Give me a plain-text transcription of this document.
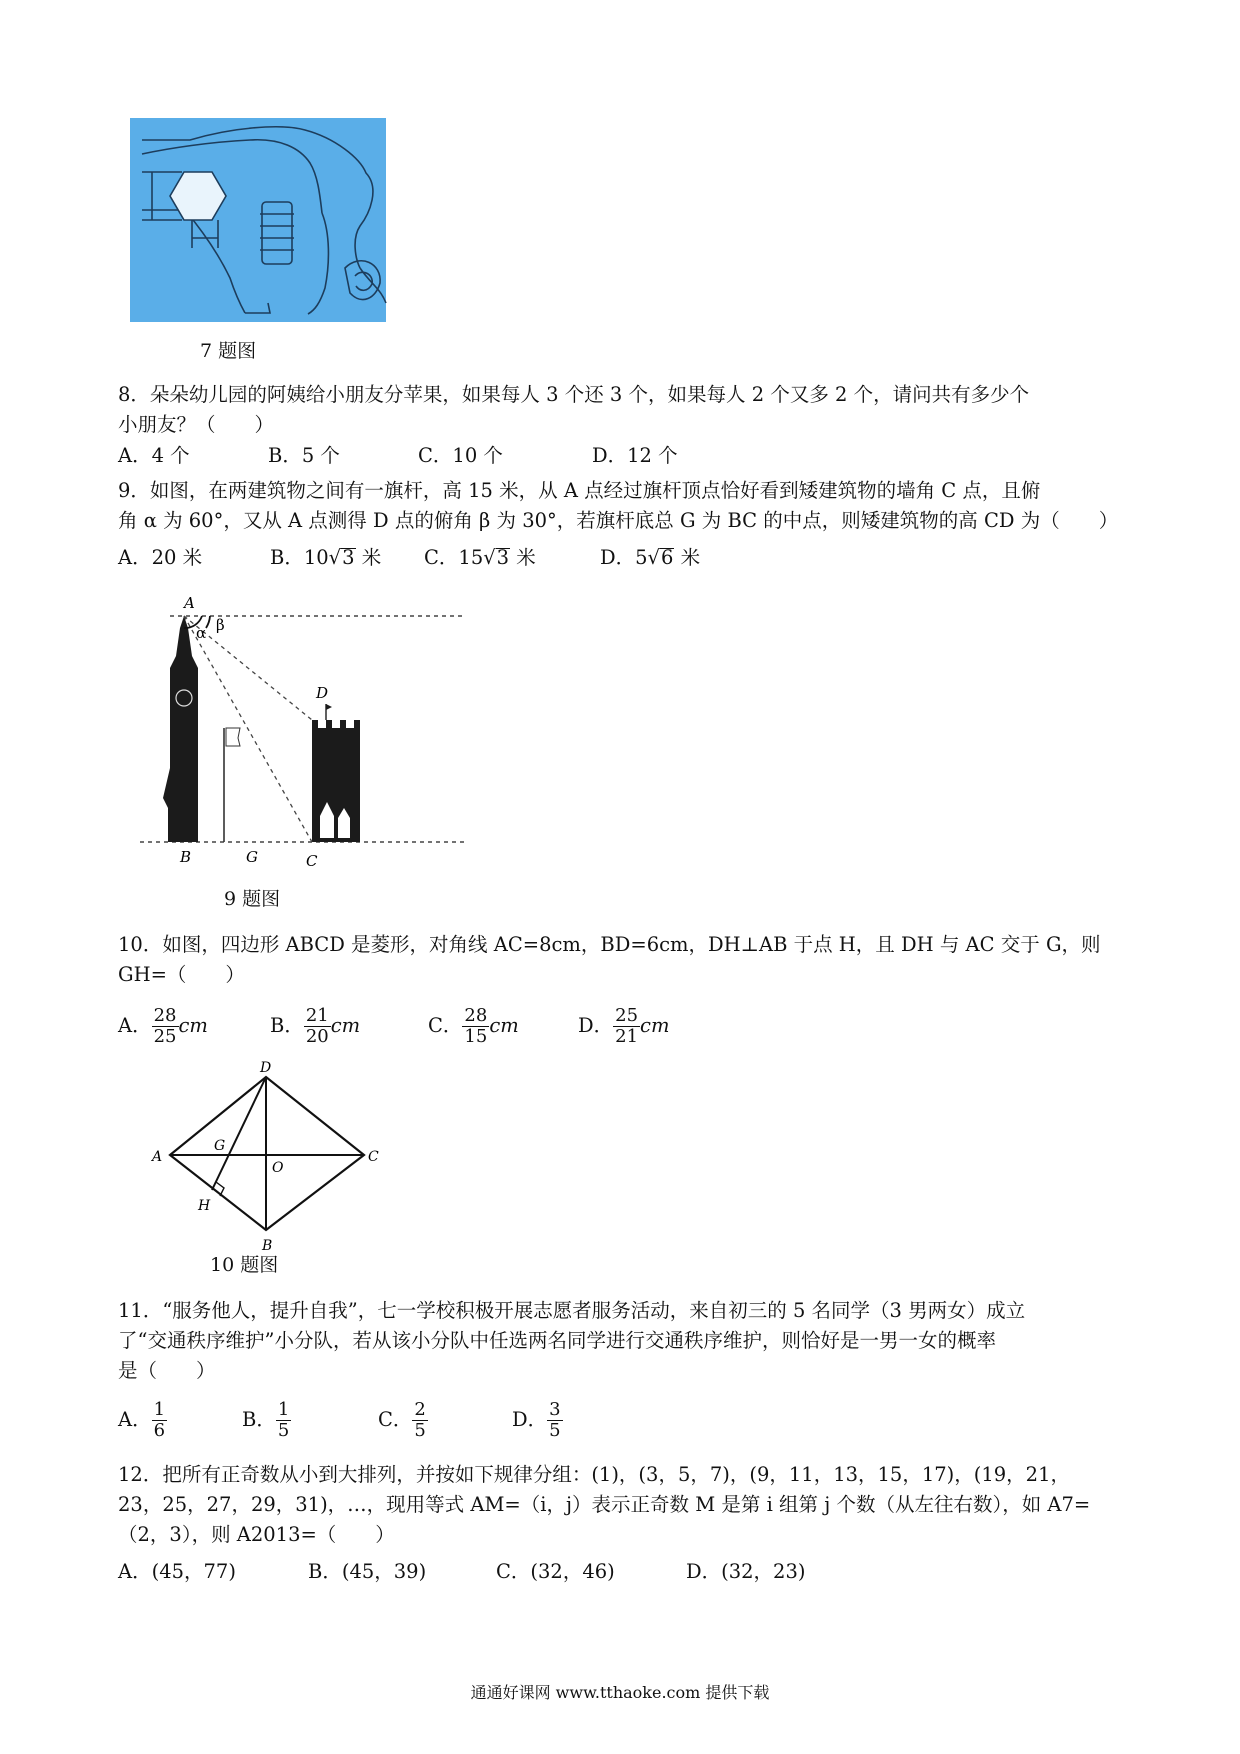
7 题图
8．朵朵幼儿园的阿姨给小朋友分苹果，如果每人 3 个还 3 个，如果每人 2 个又多 2 个，请问共有多少个
小朋友？（　　）
A．4 个	B．5 个	C．10 个	D．12 个
9．如图，在两建筑物之间有一旗杆，高 15 米，从 A 点经过旗杆顶点恰好看到矮建筑物的墙角 C 点，且俯
角 α 为 60°，又从 A 点测得 D 点的俯角 β 为 30°，若旗杆底总 G 为 BC 的中点，则矮建筑物的高 CD 为（　　）
A．20 米	B．10√3 米 C．15√3 米	D．5√6 米
A
α β
D
B	G	C
9 题图
10．如图，四边形 ABCD 是菱形，对角线 AC=8cm，BD=6cm，DH⊥AB 于点 H，且 DH 与 AC 交于 G，则
GH=（　　）
A． $\frac{28}{25}$ cm	B． $\frac{21}{20}$ cm	C． $\frac{28}{15}$ cm	D． $\frac{25}{21}$ cm
A
D
C
B
G
O
H
10 题图
11．“服务他人，提升自我”，七一学校积极开展志愿者服务活动，来自初三的 5 名同学（3 男两女）成立
了“交通秩序维护”小分队，若从该小分队中任选两名同学进行交通秩序维护，则恰好是一男一女的概率
是（　　）
A． $\frac{1}{6}$	B． $\frac{1}{5}$	C． $\frac{2}{5}$	D． $\frac{3}{5}$
12．把所有正奇数从小到大排列，并按如下规律分组：(1)，(3，5，7)，(9，11，13，15，17)，(19，21，
23，25，27，29，31)，…，现用等式 AM=（i，j）表示正奇数 M 是第 i 组第 j 个数（从左往右数），如 A7=
（2，3），则 A2013=（　　）
A．(45，77)	B．(45，39)	C．(32，46)	D．(32，23)
通通好课网 www.tthaoke.com 提供下载
